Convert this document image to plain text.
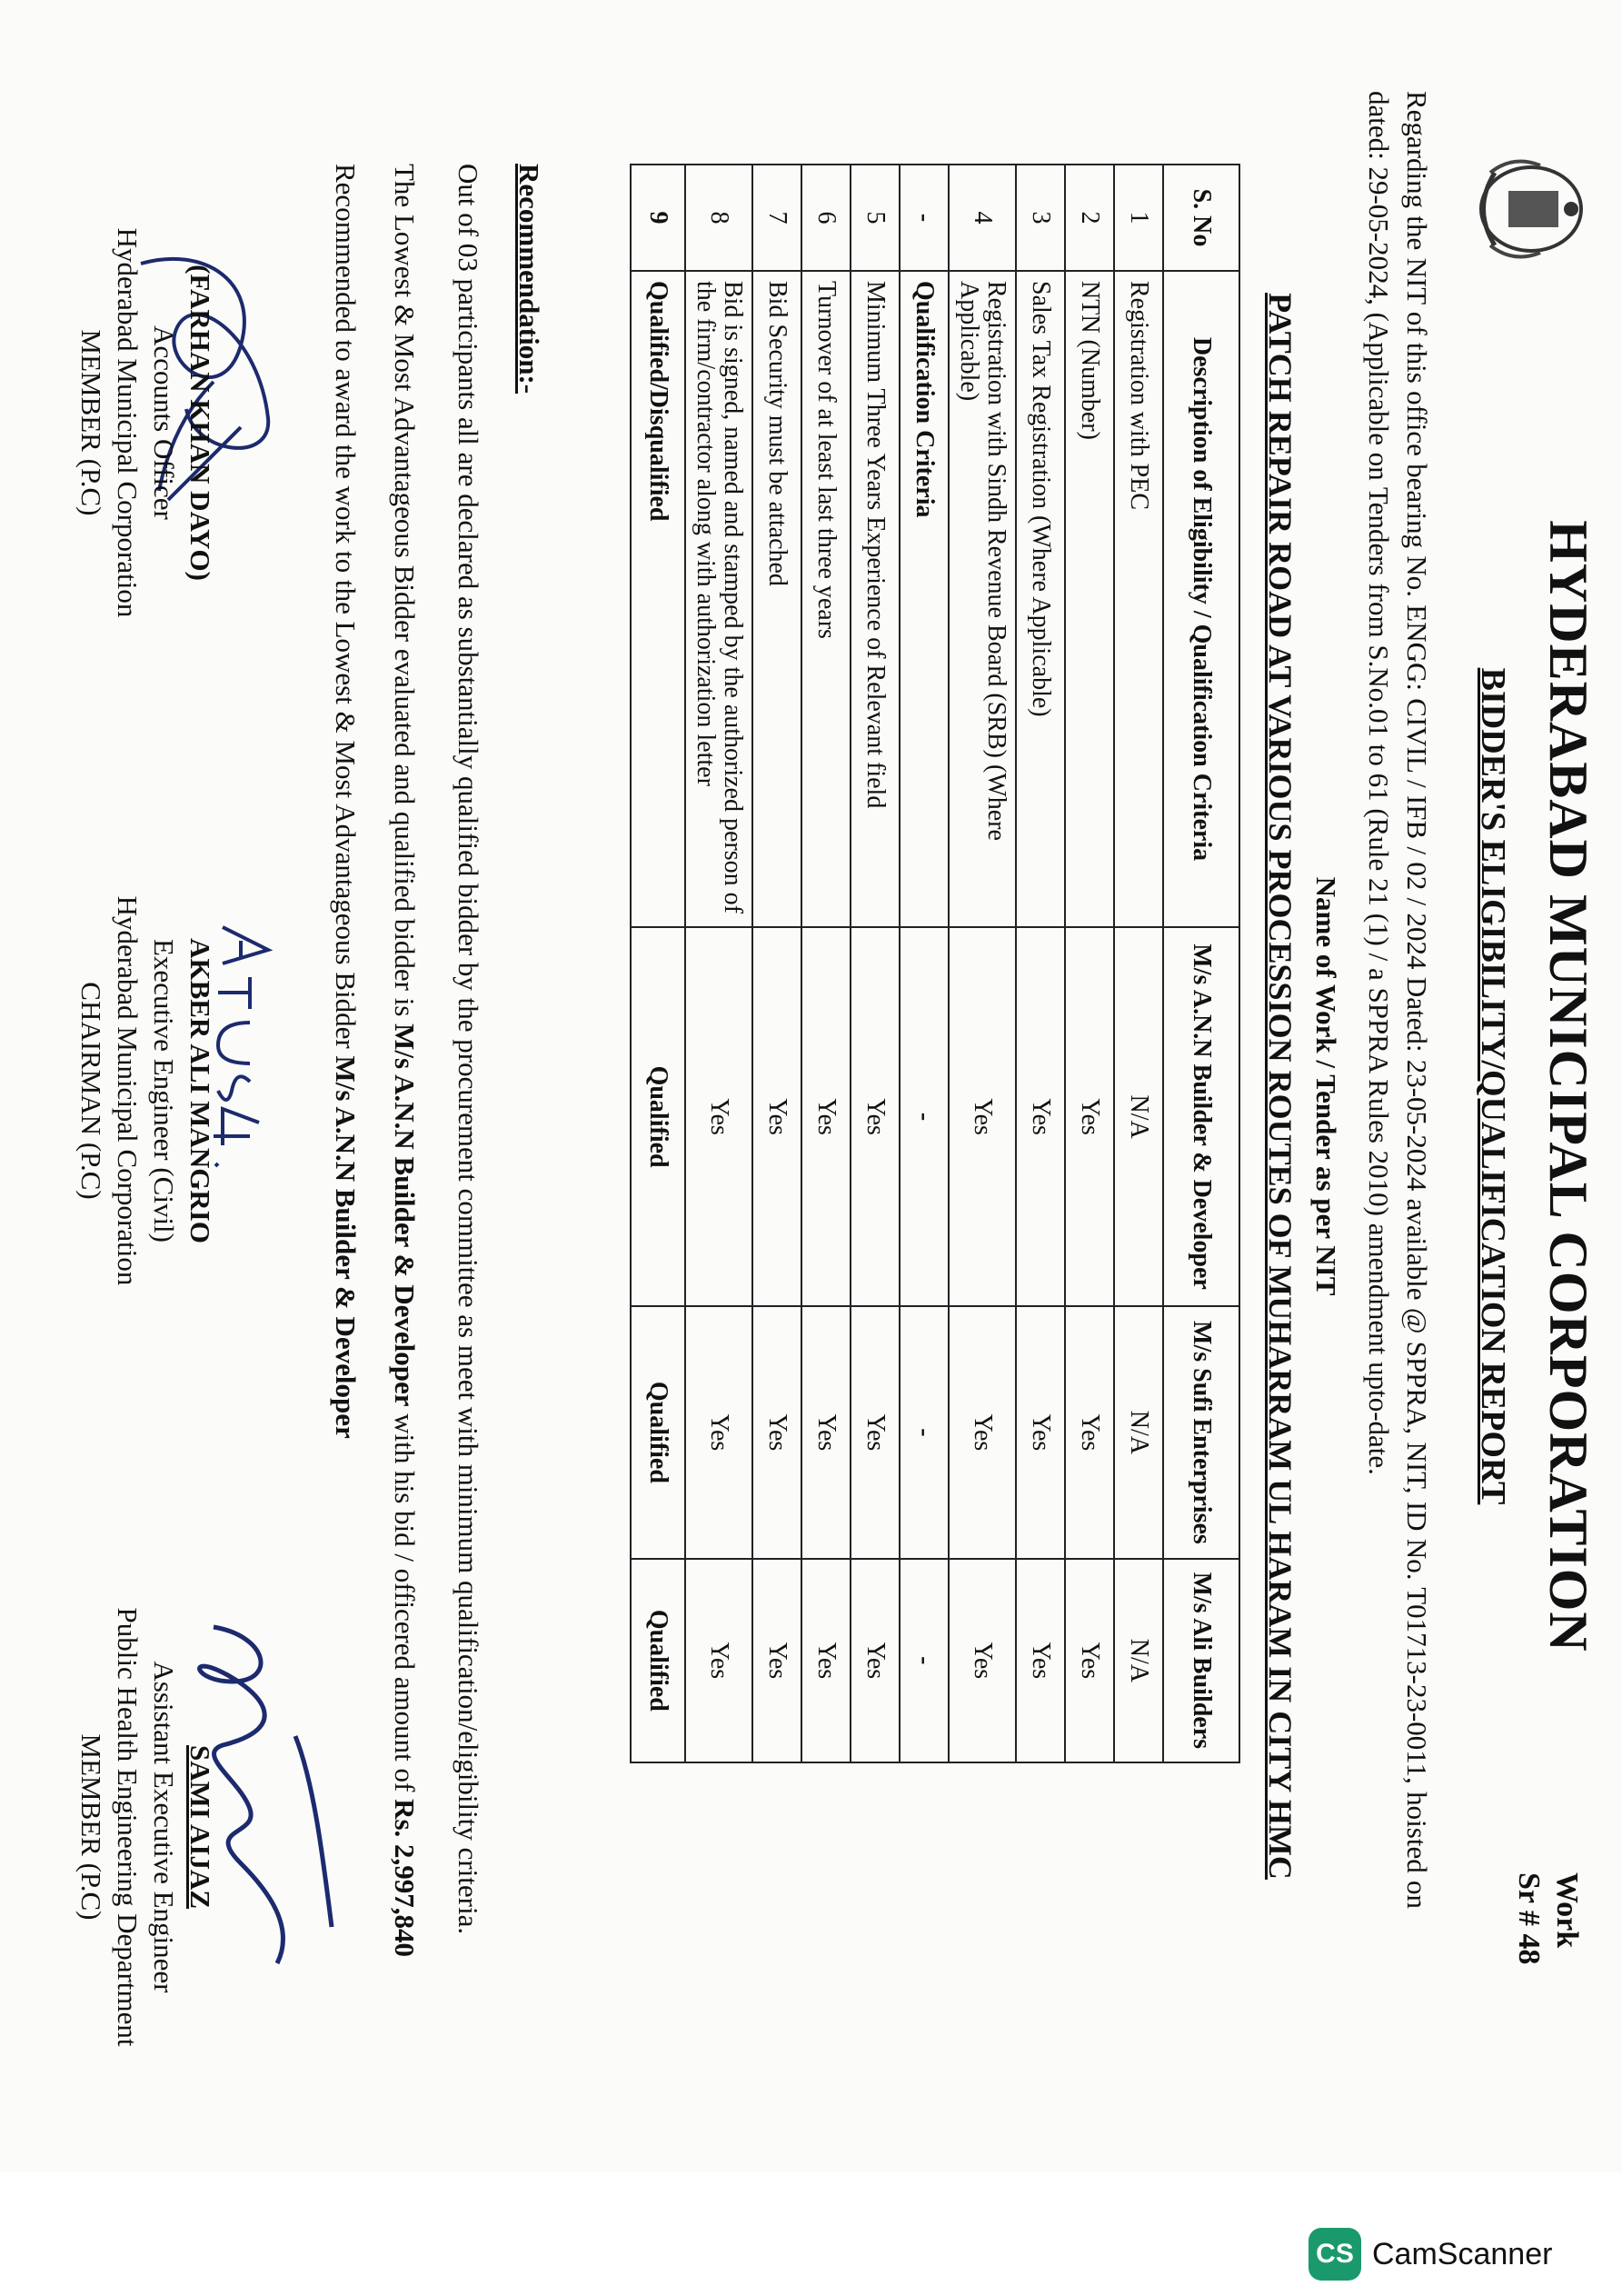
HYDERABAD MUNICIPAL CORPORATION
BIDDER'S ELIGIBILITY/QUALIFICATION REPORT
Work
Sr # 48
Regarding the NIT of this office bearing No. ENGG: CIVIL / IFB / 02 / 2024 Dated: 23-05-2024 available @ SPPRA, NIT, ID No. T01713-23-0011, hoisted on dated: 29-05-2024, (Applicable on Tenders from S.No.01 to 61 (Rule 21 (1) / a SPPRA Rules 2010) amendment upto-date.
Name of Work / Tender as per NIT
PATCH REPAIR ROAD AT VARIOUS PROCESSION ROUTES OF MUHARRAM UL HARAM IN CITY HMC
S. No	Description of Eligibility / Qualification Criteria	M/s A.N.N Builder & Developer	M/s Sufi Enterprises	M/s Ali Builders
1	Registration with PEC	N/A	N/A	N/A
2	NTN (Number)	Yes	Yes	Yes
3	Sales Tax Registration (Where Applicable)	Yes	Yes	Yes
4	Registration with Sindh Revenue Board (SRB) (Where Applicable)	Yes	Yes	Yes
-	Qualification Criteria	-	-	-
5	Minimum Three Years Experience of Relevant field	Yes	Yes	Yes
6	Turnover of at least last three years	Yes	Yes	Yes
7	Bid Security must be attached	Yes	Yes	Yes
8	Bid is signed, named and stamped by the authorized person of the firm/contractor along with authorization letter	Yes	Yes	Yes
9	Qualified/Disqualified	Qualified	Qualified	Qualified
Recommendation:-
Out of 03 participants all are declared as substantially qualified bidder by the procurement committee as meet with minimum qualification/eligibility criteria.
The Lowest & Most Advantageous Bidder evaluated and qualified bidder is M/s A.N.N Builder & Developer with his bid / officered amount of Rs. 2,997,840
Recommended to award the work to the Lowest & Most Advantageous Bidder M/s A.N.N Builder & Developer
(FARHAN KHAN DAYO)
Accounts Officer
Hyderabad Municipal Corporation
MEMBER (P.C)
AKBER ALI MANGRIO
Executive Engineer (Civil)
Hyderabad Municipal Corporation
CHAIRMAN (P.C)
SAMI AIJAZ
Assistant Executive Engineer
Public Health Engineering Department
MEMBER (P.C)
CS CamScanner
